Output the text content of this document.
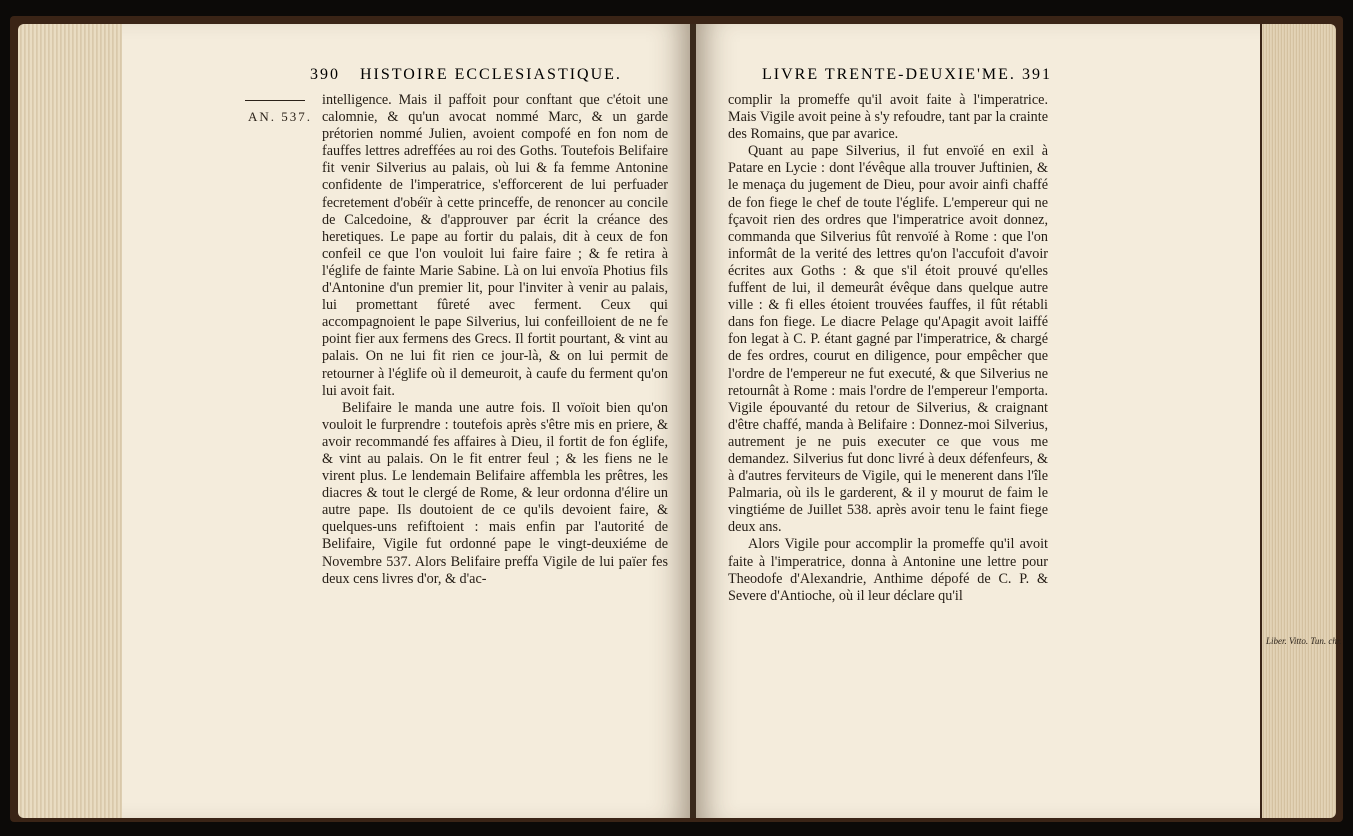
390 HISTOIRE ECCLESIASTIQUE.
AN. 537.

intelligence. Mais il paffoit pour conftant que c'étoit une calomnie, & qu'un avocat nommé Marc, & un garde prétorien nommé Julien, avoient compofé en fon nom de fauffes lettres adreffées au roi des Goths. Toutefois Belifaire fit venir Silverius au palais, où lui & fa femme Antonine confidente de l'imperatrice, s'efforcerent de lui perfuader fecretement d'obéïr à cette princeffe, de renoncer au concile de Calcedoine, & d'approuver par écrit la créance des heretiques. Le pape au fortir du palais, dit à ceux de fon confeil ce que l'on vouloit lui faire faire ; & fe retira à l'églife de fainte Marie Sabine. Là on lui envoïa Photius fils d'Antonine d'un premier lit, pour l'inviter à venir au palais, lui promettant fûreté avec ferment. Ceux qui accompagnoient le pape Silverius, lui confeilloient de ne fe point fier aux fermens des Grecs. Il fortit pourtant, & vint au palais. On ne lui fit rien ce jour-là, & on lui permit de retourner à l'églife où il demeuroit, à caufe du ferment qu'on lui avoit fait.

Belifaire le manda une autre fois. Il voïoit bien qu'on vouloit le furprendre : toutefois après s'être mis en priere, & avoir recommandé fes affaires à Dieu, il fortit de fon églife, & vint au palais. On le fit entrer feul ; & les fiens ne le virent plus. Le lendemain Belifaire affembla les prêtres, les diacres & tout le clergé de Rome, & leur ordonna d'élire un autre pape. Ils doutoient de ce qu'ils devoient faire, & quelques-uns refiftoient : mais enfin par l'autorité de Belifaire, Vigile fut ordonné pape le vingt-deuxiéme de Novembre 537. Alors Belifaire preffa Vigile de lui païer fes deux cens livres d'or, & d'ac-

LIVRE TRENTE-DEUXIE'ME. 391

complir la promeffe qu'il avoit faite à l'imperatrice. Mais Vigile avoit peine à s'y refoudre, tant par la crainte des Romains, que par avarice.

Quant au pape Silverius, il fut envoïé en exil à Patare en Lycie : dont l'évêque alla trouver Juftinien, & le menaça du jugement de Dieu, pour avoir ainfi chaffé de fon fiege le chef de toute l'églife. L'empereur qui ne fçavoit rien des ordres que l'imperatrice avoit donnez, commanda que Silverius fût renvoïé à Rome : que l'on informât de la verité des lettres qu'on l'accufoit d'avoir écrites aux Goths : & que s'il étoit prouvé qu'elles fuffent de lui, il demeurât évêque dans quelque autre ville : & fi elles étoient trouvées fauffes, il fût rétabli dans fon fiege. Le diacre Pelage qu'Apagit avoit laiffé fon legat à C. P. étant gagné par l'imperatrice, & chargé de fes ordres, courut en diligence, pour empêcher que l'ordre de l'empereur ne fut executé, & que Silverius ne retournât à Rome : mais l'ordre de l'empereur l'emporta. Vigile épouvanté du retour de Silverius, & craignant d'être chaffé, manda à Belifaire : Donnez-moi Silverius, autrement je ne puis executer ce que vous me demandez. Silverius fut donc livré à deux défenfeurs, & à d'autres ferviteurs de Vigile, qui le menerent dans l'île Palmaria, où ils le garderent, & il y mourut de faim le vingtiéme de Juillet 538. après avoir tenu le faint fiege deux ans.

Alors Vigile pour accomplir la promeffe qu'il avoit faite à l'imperatrice, donna à Antonine une lettre pour Theodofe d'Alexandrie, Anthime dépofé de C. P. & Severe d'Antioche, où il leur déclare qu'il

Liber. Vitto. Tun. chr.
